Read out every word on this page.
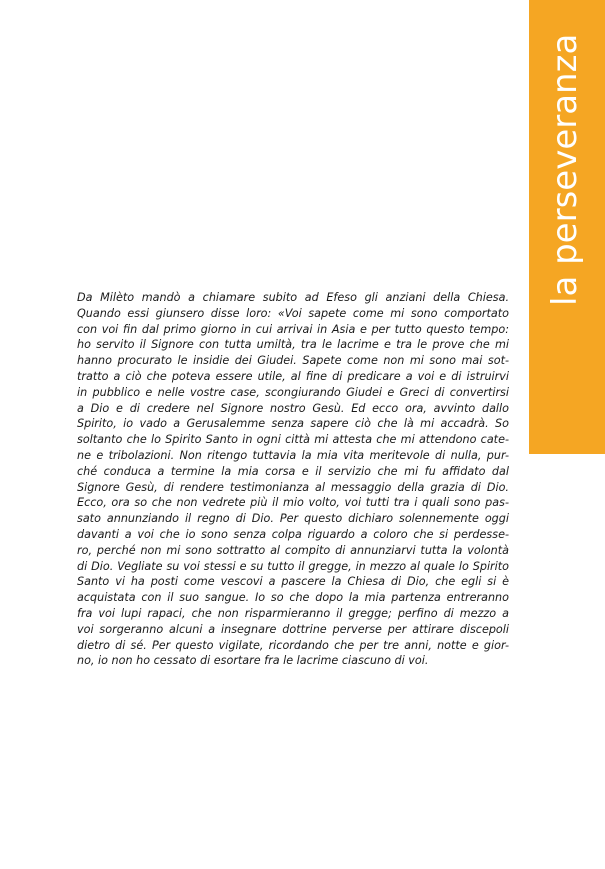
la perseveranza
Da Milèto mandò a chiamare subito ad Efeso gli anziani della Chiesa.
Quando essi giunsero disse loro: «Voi sapete come mi sono comportato
con voi fin dal primo giorno in cui arrivai in Asia e per tutto questo tempo:
ho servito il Signore con tutta umiltà, tra le lacrime e tra le prove che mi
hanno procurato le insidie dei Giudei. Sapete come non mi sono mai sot-
tratto a ciò che poteva essere utile, al fine di predicare a voi e di istruirvi
in pubblico e nelle vostre case, scongiurando Giudei e Greci di convertirsi
a Dio e di credere nel Signore nostro Gesù. Ed ecco ora, avvinto dallo
Spirito, io vado a Gerusalemme senza sapere ciò che là mi accadrà. So
soltanto che lo Spirito Santo in ogni città mi attesta che mi attendono cate-
ne e tribolazioni. Non ritengo tuttavia la mia vita meritevole di nulla, pur-
ché conduca a termine la mia corsa e il servizio che mi fu affidato dal
Signore Gesù, di rendere testimonianza al messaggio della grazia di Dio.
Ecco, ora so che non vedrete più il mio volto, voi tutti tra i quali sono pas-
sato annunziando il regno di Dio. Per questo dichiaro solennemente oggi
davanti a voi che io sono senza colpa riguardo a coloro che si perdesse-
ro, perché non mi sono sottratto al compito di annunziarvi tutta la volontà
di Dio. Vegliate su voi stessi e su tutto il gregge, in mezzo al quale lo Spirito
Santo vi ha posti come vescovi a pascere la Chiesa di Dio, che egli si è
acquistata con il suo sangue. Io so che dopo la mia partenza entreranno
fra voi lupi rapaci, che non risparmieranno il gregge; perfino di mezzo a
voi sorgeranno alcuni a insegnare dottrine perverse per attirare discepoli
dietro di sé. Per questo vigilate, ricordando che per tre anni, notte e gior-
no, io non ho cessato di esortare fra le lacrime ciascuno di voi.
